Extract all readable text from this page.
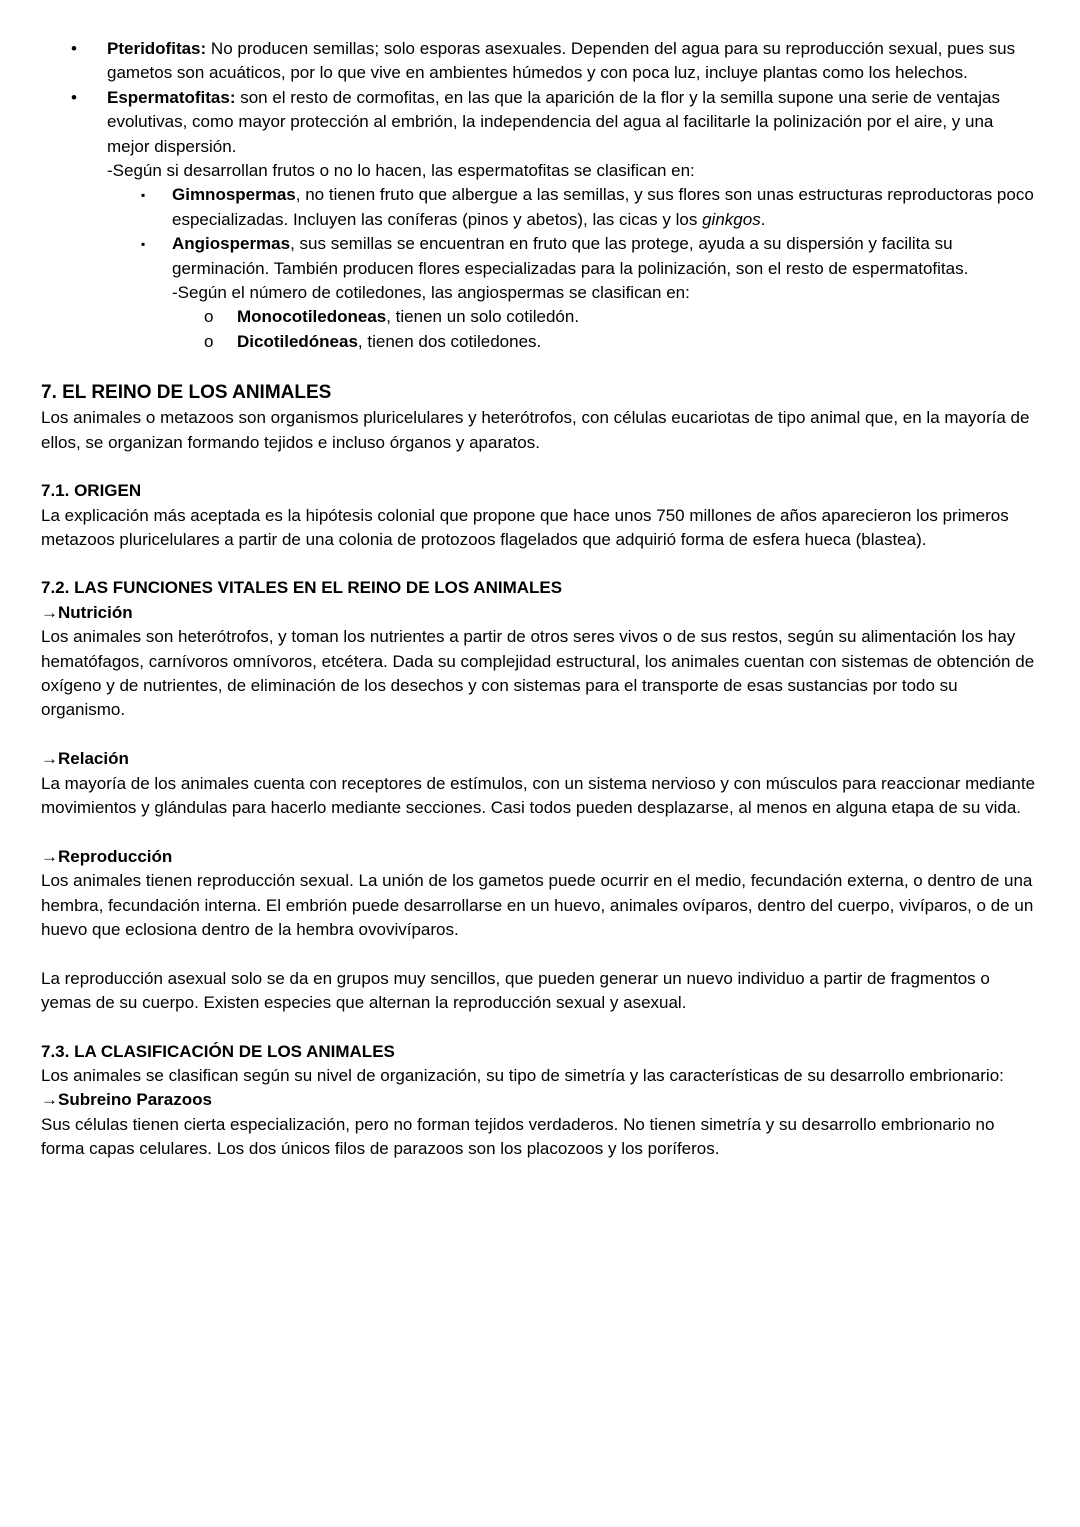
• Pteridofitas: No producen semillas; solo esporas asexuales. Dependen del agua para su reproducción sexual, pues sus gametos son acuáticos, por lo que vive en ambientes húmedos y con poca luz, incluye plantas como los helechos.

• Espermatofitas: son el resto de cormofitas, en las que la aparición de la flor y la semilla supone una serie de ventajas evolutivas, como mayor protección al embrión, la independencia del agua al facilitarle la polinización por el aire, y una mejor dispersión.

-Según si desarrollan frutos o no lo hacen, las espermatofitas se clasifican en:

▪ Gimnospermas, no tienen fruto que albergue a las semillas, y sus flores son unas estructuras reproductoras poco especializadas. Incluyen las coníferas (pinos y abetos), las cicas y los ginkgos.

▪ Angiospermas, sus semillas se encuentran en fruto que las protege, ayuda a su dispersión y facilita su germinación. También producen flores especializadas para la polinización, son el resto de espermatofitas.

-Según el número de cotiledones, las angiospermas se clasifican en:

o Monocotiledoneas, tienen un solo cotiledón.

o Dicotiledóneas, tienen dos cotiledones.

7. EL REINO DE LOS ANIMALES

Los animales o metazoos son organismos pluricelulares y heterótrofos, con células eucariotas de tipo animal que, en la mayoría de ellos, se organizan formando tejidos e incluso órganos y aparatos.

7.1. ORIGEN

La explicación más aceptada es la hipótesis colonial que propone que hace unos 750 millones de años aparecieron los primeros metazoos pluricelulares a partir de una colonia de protozoos flagelados que adquirió forma de esfera hueca (blastea).

7.2. LAS FUNCIONES VITALES EN EL REINO DE LOS ANIMALES
→Nutrición

Los animales son heterótrofos, y toman los nutrientes a partir de otros seres vivos o de sus restos, según su alimentación los hay hematófagos, carnívoros omnívoros, etcétera. Dada su complejidad estructural, los animales cuentan con sistemas de obtención de oxígeno y de nutrientes, de eliminación de los desechos y con sistemas para el transporte de esas sustancias por todo su organismo.

→Relación

La mayoría de los animales cuenta con receptores de estímulos, con un sistema nervioso y con músculos para reaccionar mediante movimientos y glándulas para hacerlo mediante secciones. Casi todos pueden desplazarse, al menos en alguna etapa de su vida.

→Reproducción

Los animales tienen reproducción sexual. La unión de los gametos puede ocurrir en el medio, fecundación externa, o dentro de una hembra, fecundación interna. El embrión puede desarrollarse en un huevo, animales ovíparos, dentro del cuerpo, vivíparos, o de un huevo que eclosiona dentro de la hembra ovovivíparos.

La reproducción asexual solo se da en grupos muy sencillos, que pueden generar un nuevo individuo a partir de fragmentos o yemas de su cuerpo. Existen especies que alternan la reproducción sexual y asexual.

7.3. LA CLASIFICACIÓN DE LOS ANIMALES

Los animales se clasifican según su nivel de organización, su tipo de simetría y las características de su desarrollo embrionario:

→Subreino Parazoos

Sus células tienen cierta especialización, pero no forman tejidos verdaderos. No tienen simetría y su desarrollo embrionario no forma capas celulares. Los dos únicos filos de parazoos son los placozoos y los poríferos.
